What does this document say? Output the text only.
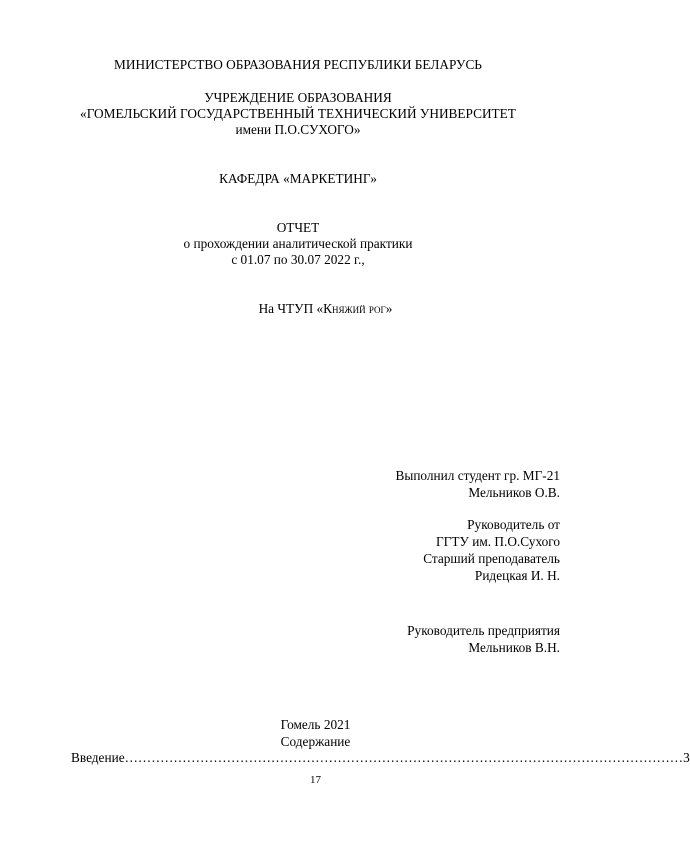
МИНИСТЕРСТВО ОБРАЗОВАНИЯ РЕСПУБЛИКИ БЕЛАРУСЬ
УЧРЕЖДЕНИЕ ОБРАЗОВАНИЯ
«ГОМЕЛЬСКИЙ ГОСУДАРСТВЕННЫЙ ТЕХНИЧЕСКИЙ УНИВЕРСИТЕТ
имени П.О.СУХОГО»
КАФЕДРА «МАРКЕТИНГ»
ОТЧЕТ
о прохождении аналитической практики
с 01.07 по 30.07 2022 г.,
На ЧТУП «Княжий рог»
Выполнил студент гр. МГ-21
Мельников О.В.
Руководитель от
ГГТУ им. П.О.Сухого
Старший преподаватель
Ридецкая И. Н.
Руководитель предприятия
Мельников В.Н.
Гомель 2021
Содержание
Введение ……………………………………………………………………………………………………………… 3
17
